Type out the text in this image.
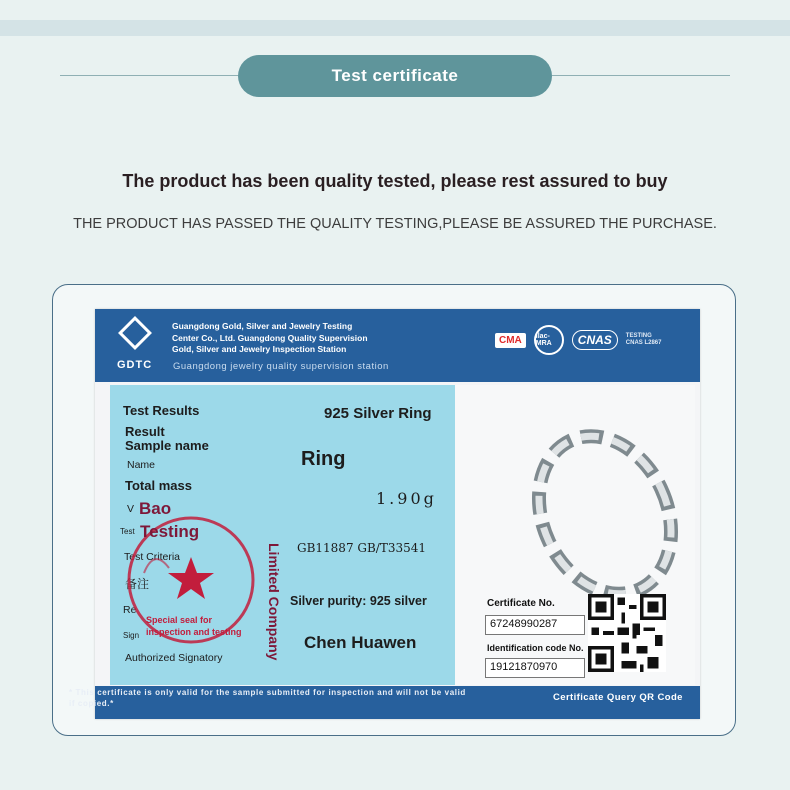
Test certificate
The product has been quality tested, please rest assured to buy
THE PRODUCT HAS PASSED THE QUALITY TESTING,PLEASE BE ASSURED THE PURCHASE.
GDTC
Guangdong Gold, Silver and Jewelry Testing
Center Co., Ltd. Guangdong Quality Supervision
Gold, Silver and Jewelry Inspection Station
Guangdong jewelry quality supervision station
CMA	ilac-MRA	CNAS	TESTING CNAS L2867
Test Results	925 Silver Ring
Result
Sample name
Name	Ring
Total mass
1.90g
V
Test
Test Criteria
GB11887 GB/T33541
备注
Re
Sign
Silver purity: 925 silver
Authorized Signatory
Chen Huawen
Bao
Testing
Limited Company
Special seal for
inspection and testing
Certificate No.
67248990287
Identification code No.
19121870970
* This certificate is only valid for the sample submitted for inspection and will not be valid if copied.*
Certificate Query QR Code
